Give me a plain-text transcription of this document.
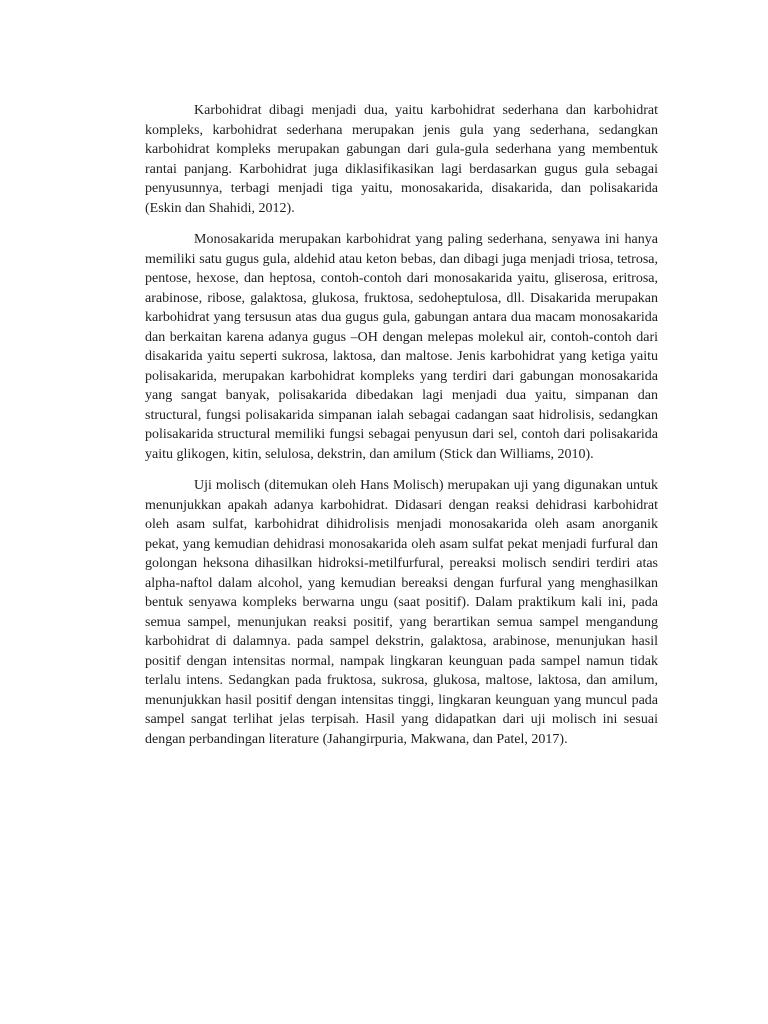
Karbohidrat dibagi menjadi dua, yaitu karbohidrat sederhana dan karbohidrat kompleks, karbohidrat sederhana merupakan jenis gula yang sederhana, sedangkan karbohidrat kompleks merupakan gabungan dari gula-gula sederhana yang membentuk rantai panjang. Karbohidrat juga diklasifikasikan lagi berdasarkan gugus gula sebagai penyusunnya, terbagi menjadi tiga yaitu, monosakarida, disakarida, dan polisakarida (Eskin dan Shahidi, 2012).

Monosakarida merupakan karbohidrat yang paling sederhana, senyawa ini hanya memiliki satu gugus gula, aldehid atau keton bebas, dan dibagi juga menjadi triosa, tetrosa, pentose, hexose, dan heptosa, contoh-contoh dari monosakarida yaitu, gliserosa, eritrosa, arabinose, ribose, galaktosa, glukosa, fruktosa, sedoheptulosa, dll. Disakarida merupakan karbohidrat yang tersusun atas dua gugus gula, gabungan antara dua macam monosakarida dan berkaitan karena adanya gugus –OH dengan melepas molekul air, contoh-contoh dari disakarida yaitu seperti sukrosa, laktosa, dan maltose. Jenis karbohidrat yang ketiga yaitu polisakarida, merupakan karbohidrat kompleks yang terdiri dari gabungan monosakarida yang sangat banyak, polisakarida dibedakan lagi menjadi dua yaitu, simpanan dan structural, fungsi polisakarida simpanan ialah sebagai cadangan saat hidrolisis, sedangkan polisakarida structural memiliki fungsi sebagai penyusun dari sel, contoh dari polisakarida yaitu glikogen, kitin, selulosa, dekstrin, dan amilum (Stick dan Williams, 2010).

Uji molisch (ditemukan oleh Hans Molisch) merupakan uji yang digunakan untuk menunjukkan apakah adanya karbohidrat. Didasari dengan reaksi dehidrasi karbohidrat oleh asam sulfat, karbohidrat dihidrolisis menjadi monosakarida oleh asam anorganik pekat, yang kemudian dehidrasi monosakarida oleh asam sulfat pekat menjadi furfural dan golongan heksona dihasilkan hidroksi-metilfurfural, pereaksi molisch sendiri terdiri atas alpha-naftol dalam alcohol, yang kemudian bereaksi dengan furfural yang menghasilkan bentuk senyawa kompleks berwarna ungu (saat positif). Dalam praktikum kali ini, pada semua sampel, menunjukan reaksi positif, yang berartikan semua sampel mengandung karbohidrat di dalamnya. pada sampel dekstrin, galaktosa, arabinose, menunjukan hasil positif dengan intensitas normal, nampak lingkaran keunguan pada sampel namun tidak terlalu intens. Sedangkan pada fruktosa, sukrosa, glukosa, maltose, laktosa, dan amilum, menunjukkan hasil positif dengan intensitas tinggi, lingkaran keunguan yang muncul pada sampel sangat terlihat jelas terpisah. Hasil yang didapatkan dari uji molisch ini sesuai dengan perbandingan literature (Jahangirpuria, Makwana, dan Patel, 2017).
